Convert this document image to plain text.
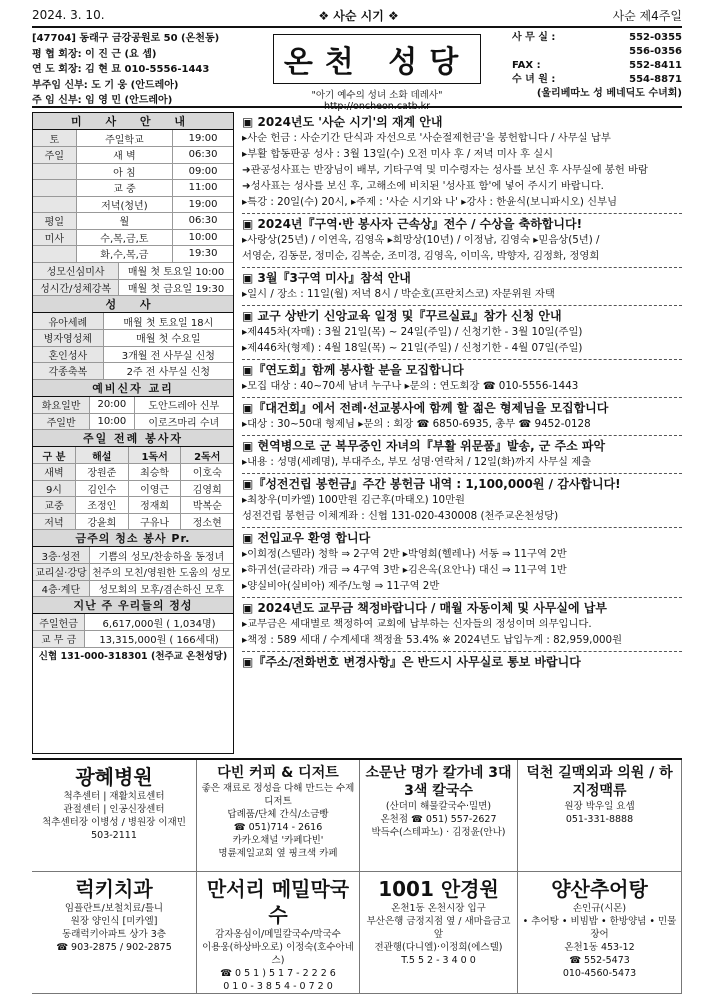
2024. 3. 10.	❖ 사순 시기 ❖	사순 제4주일
[47704] 동래구 금강공원로 50 (온천동)
평 협 회장: 이 진 근 (요 셉)
연 도 회장: 김 현 묘 010-5556-1443
부주임 신부: 도 기 웅 (안드레아)
주 임 신부: 임 영 민 (안드레아)
온천 성당
"아기 예수의 성녀 소화 데레사"
http://oncheon.catb.kr
사 무 실 :	552-0355
556-0356
FAX :	552-8411
수 녀 원 :	554-8871
(울리베따노 성 베네딕도 수녀회)
미 사 안 내
토	주일학교	19:00
주일	새 벽	06:30
	아 침	09:00
	교 중	11:00
	저녁(청년)	19:00
평일	월	06:30
미사	수,목,금,토	10:00
	화,수,목,금	19:30
성모신심미사	매월 첫 토요일 10:00
성시간/성체강복	매월 첫 금요일 19:30
성 사
유아세례	매월 첫 토요일 18시
병자영성체	매월 첫 수요일
혼인성사	3개월 전 사무실 신청
각종축복	2주 전 사무실 신청
예비신자 교리
화요일반	20:00	도안드레아 신부
주일반	10:00	이로즈마리 수녀
주일 전례 봉사자
구 분	해설	1독서	2독서
새벽	장원준	최승학	이호숙
9시	김인수	이영근	김영희
교중	조정인	정재희	박복순
저녁	강윤희	구유나	정소현
금주의 청소 봉사 Pr.
3층·성전	기쁨의 성모/찬송하올 동정녀
교리실·강당	천주의 모친/영원한 도움의 성모
4층·계단	성모회의 모후/겸손하신 모후
지난 주 우리들의 정성
주일헌금	6,617,000원 ( 1,034명)
교 무 금	13,315,000원 ( 166세대)
신협 131-000-318301 (천주교 온천성당)
▣ 2024년도 '사순 시기'의 재계 안내

▸사순 헌금 : 사순기간 단식과 자선으로 '사순절제헌금'을 봉헌합니다 / 사무실 납부

▸부활 합동판공 성사 : 3월 13일(수) 오전 미사 후 / 저녁 미사 후 실시

➜관공성사표는 반장님이 배부, 기타구역 및 미수령자는 성사를 보신 후 사무실에 봉헌 바람

➜성사표는 성사를 보신 후, 고해소에 비치된 '성사표 함'에 넣어 주시기 바랍니다.

▸특강 : 20일(수) 20시, ▸주제 : '사순 시기와 나' ▸강사 : 한윤식(보니파시오) 신부님

▣ 2024년『구역·반 봉사자 근속상』전수 / 수상을 축하합니다!

▸사랑상(25년) / 이연옥, 김영옥 ▸희망상(10년) / 이정남, 김영숙 ▸믿음상(5년) /

서영순, 김동문, 정미순, 김복순, 조미경, 김영옥, 이미옥, 박향자, 김정화, 정영희

▣ 3월『3구역 미사』참석 안내

▸일시 / 장소 : 11일(월) 저녁 8시 / 박순호(프란치스코) 자문위원 자택

▣ 교구 상반기 신앙교육 일정 및『꾸르실료』참가 신청 안내

▸제445차(자매) : 3월 21일(목) ~ 24일(주일) / 신청기한 - 3월 10일(주일)

▸제446차(형제) : 4월 18일(목) ~ 21일(주일) / 신청기한 - 4월 07일(주일)

▣『연도회』함께 봉사할 분을 모집합니다

▸모집 대상 : 40~70세 남녀 누구나 ▸문의 : 연도회장 ☎ 010-5556-1443

▣『대건회』에서 전례·선교봉사에 함께 할 젊은 형제님을 모집합니다

▸대상 : 30~50대 형제님 ▸문의 : 회장 ☎ 6850-6935, 총무 ☎ 9452-0128

▣ 현역병으로 군 복무중인 자녀의『부활 위문품』발송, 군 주소 파악

▸내용 : 성명(세례명), 부대주소, 부모 성명·연락처 / 12일(화)까지 사무실 제출

▣『성전건립 봉헌금』주간 봉헌금 내역 : 1,100,000원 / 감사합니다!

▸최창우(미카엘) 100만원 김근후(마태오) 10만원

성전건립 봉헌금 이체계좌 : 신협 131-020-430008 (천주교온천성당)

▣ 전입교우 환영 합니다

▸이희정(스텔라) 청학 ⇒ 2구역 2반 ▸박영희(헬레나) 서동 ⇒ 11구역 2반

▸하귀선(글라라) 개금 ⇒ 4구역 3반 ▸김은옥(요안나) 대신 ⇒ 11구역 1반

▸양실비아(실비아) 제주/노형 ⇒ 11구역 2반

▣ 2024년도 교무금 책정바랍니다 / 매월 자동이체 및 사무실에 납부

▸교무금은 세대별로 책정하여 교회에 납부하는 신자들의 정성이며 의무입니다.

▸책정 : 589 세대 / 수계세대 책정율 53.4% ※ 2024년도 납입누계 : 82,959,000원

▣『주소/전화번호 변경사항』은 반드시 사무실로 통보 바랍니다
광혜병원
척추센터 | 재활치료센터
관절센터 | 인공신장센터
척추센터장 이병성 / 병원장 이재민
503-2111
다빈 커피 & 디저트
좋은 재료로 정성을 다해 만드는 수제 디저트
답례품/단체 간식/소금빵
☎ 051)714 - 2616
카카오채널 '카페다빈'
명륜제일교회 옆 핑크색 카페
소문난 명가 칼가네 3대3색 칼국수
(산더미 해물칼국수·밀면)
온천점 ☎ 051) 557-2627
박득수(스테파노) · 김정윤(안나)
덕천 길맥외과 의원 / 하지정맥류
원장 박우일 요셉
051-331-8888
럭키치과
임플란트/보철치료/틀니
원장 양인식 [미카엘]
동래럭키아파트 상가 3층
☎ 903-2875 / 902-2875
만서리 메밀막국수
감자옹심이/메밀칼국수/막국수
이용웅(하상바오로) 이정숙(호수아네스)
☎ 0 5 1 ) 5 1 7 - 2 2 2 6
0 1 0 - 3 8 5 4 - 0 7 2 0
1001 안경원
온천1동 온천시장 입구
부산은행 금정지점 옆 / 새마을금고 앞
전관행(다니엘)·이정희(에스텔)
T.5 5 2 - 3 4 0 0
양산추어탕
손인규(시몬)
• 추어탕 • 비빔밥 • 한방양념 • 민물장어
온천1동 453-12
☎ 552-5473
010-4560-5473
